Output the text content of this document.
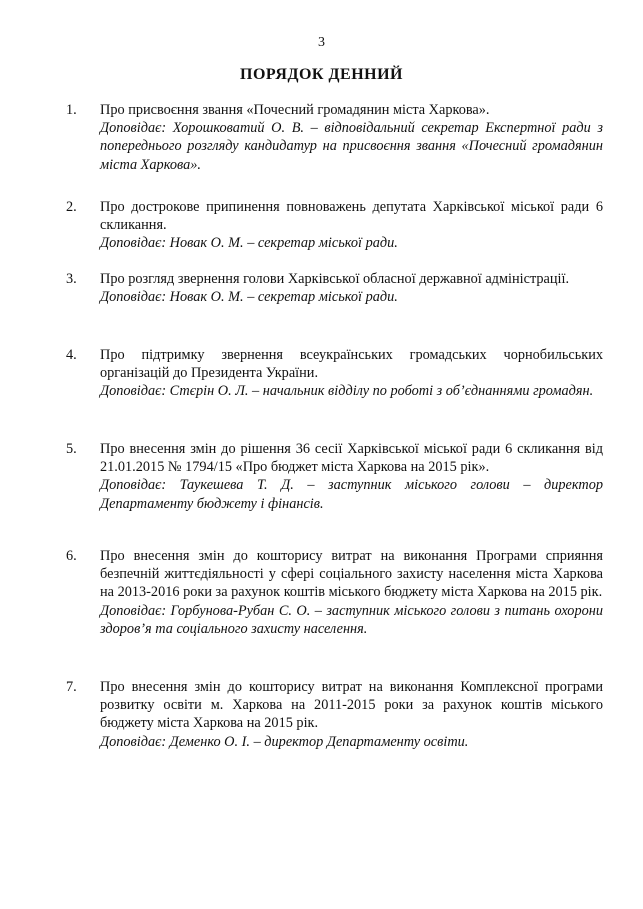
3
ПОРЯДОК ДЕННИЙ
1.	Про присвоєння звання «Почесний громадянин міста Харкова».
Доповідає: Хорошковатий О. В. – відповідальний секретар Експертної ради з попереднього розгляду кандидатур на присвоєння звання «Почесний громадянин міста Харкова».
2.	Про дострокове припинення повноважень депутата Харківської міської ради 6 скликання.
Доповідає: Новак О. М. – секретар міської ради.
3.	Про розгляд звернення голови Харківської обласної державної адміністрації.
Доповідає: Новак О. М. – секретар міської ради.
4.	Про підтримку звернення всеукраїнських громадських чорнобильських організацій до Президента України.
Доповідає: Стєрін О. Л. – начальник відділу по роботі з об’єднаннями громадян.
5.	Про внесення змін до рішення 36 сесії Харківської міської ради 6 скликання від 21.01.2015 № 1794/15 «Про бюджет міста Харкова на 2015 рік».
Доповідає: Таукешева Т. Д. – заступник міського голови – директор Департаменту бюджету і фінансів.
6.	Про внесення змін до кошторису витрат на виконання Програми сприяння безпечній життєдіяльності у сфері соціального захисту населення міста Харкова на 2013-2016 роки за рахунок коштів міського бюджету міста Харкова на 2015 рік.
Доповідає: Горбунова-Рубан С. О. – заступник міського голови з питань охорони здоров’я та соціального захисту населення.
7.	Про внесення змін до кошторису витрат на виконання Комплексної програми розвитку освіти м. Харкова на 2011-2015 роки за рахунок коштів міського бюджету міста Харкова на 2015 рік.
Доповідає: Деменко О. І. – директор Департаменту освіти.
